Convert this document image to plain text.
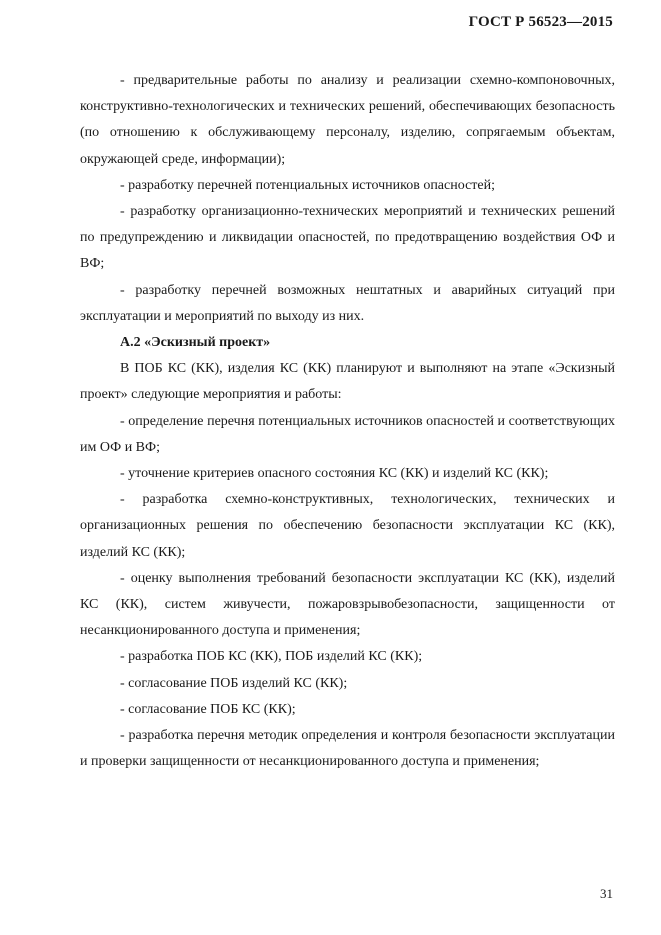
ГОСТ Р 56523—2015

- предварительные работы по анализу и реализации схемно-компоновочных, конструктивно-технологических и технических решений, обеспечивающих безопасность (по отношению к обслуживающему персоналу, изделию, сопрягаемым объектам, окружающей среде, информации);

- разработку перечней потенциальных источников опасностей;

- разработку организационно-технических мероприятий и технических решений по предупреждению и ликвидации опасностей, по предотвращению воздействия ОФ и ВФ;

- разработку перечней возможных нештатных и аварийных ситуаций при эксплуатации и мероприятий по выходу из них.

А.2 «Эскизный проект»

В ПОБ КС (КК), изделия КС (КК) планируют и выполняют на этапе «Эскизный проект» следующие мероприятия и работы:

- определение перечня потенциальных источников опасностей и соответствующих им ОФ и ВФ;

- уточнение критериев опасного состояния КС (КК) и изделий КС (КК);

- разработка схемно-конструктивных, технологических, технических и организационных решения по обеспечению безопасности эксплуатации КС (КК), изделий КС (КК);

- оценку выполнения требований безопасности эксплуатации КС (КК), изделий КС (КК), систем живучести, пожаровзрывобезопасности, защищенности от несанкционированного доступа и применения;

- разработка ПОБ КС (КК), ПОБ изделий КС (КК);

- согласование ПОБ изделий КС (КК);

- согласование ПОБ КС (КК);

- разработка перечня методик определения и контроля безопасности эксплуатации и проверки защищенности от несанкционированного доступа и применения;

31
